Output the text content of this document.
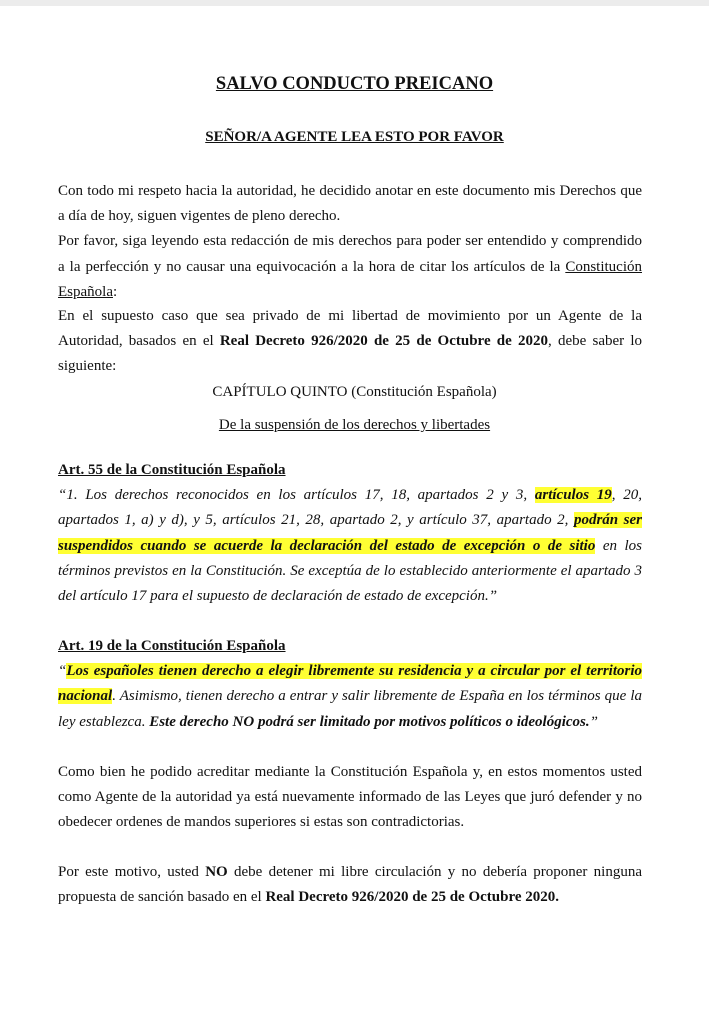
SALVO CONDUCTO PREICANO
SEÑOR/A AGENTE LEA ESTO POR FAVOR

Con todo mi respeto hacia la autoridad, he decidido anotar en este documento mis Derechos que a día de hoy, siguen vigentes de pleno derecho.

Por favor, siga leyendo esta redacción de mis derechos para poder ser entendido y comprendido a la perfección y no causar una equivocación a la hora de citar los artículos de la Constitución Española:

En el supuesto caso que sea privado de mi libertad de movimiento por un Agente de la Autoridad, basados en el Real Decreto 926/2020 de 25 de Octubre de 2020, debe saber lo siguiente:
CAPÍTULO QUINTO (Constitución Española)
De la suspensión de los derechos y libertades
Art. 55 de la Constitución Española
“1. Los derechos reconocidos en los artículos 17, 18, apartados 2 y 3, artículos 19, 20, apartados 1, a) y d), y 5, artículos 21, 28, apartado 2, y artículo 37, apartado 2, podrán ser suspendidos cuando se acuerde la declaración del estado de excepción o de sitio en los términos previstos en la Constitución. Se exceptúa de lo establecido anteriormente el apartado 3 del artículo 17 para el supuesto de declaración de estado de excepción.”
Art. 19 de la Constitución Española
“Los españoles tienen derecho a elegir libremente su residencia y a circular por el territorio nacional. Asimismo, tienen derecho a entrar y salir libremente de España en los términos que la ley establezca. Este derecho NO podrá ser limitado por motivos políticos o ideológicos.”
Como bien he podido acreditar mediante la Constitución Española y, en estos momentos usted como Agente de la autoridad ya está nuevamente informado de las Leyes que juró defender y no obedecer ordenes de mandos superiores si estas son contradictorias.
Por este motivo, usted NO debe detener mi libre circulación y no debería proponer ninguna propuesta de sanción basado en el Real Decreto 926/2020 de 25 de Octubre 2020.
